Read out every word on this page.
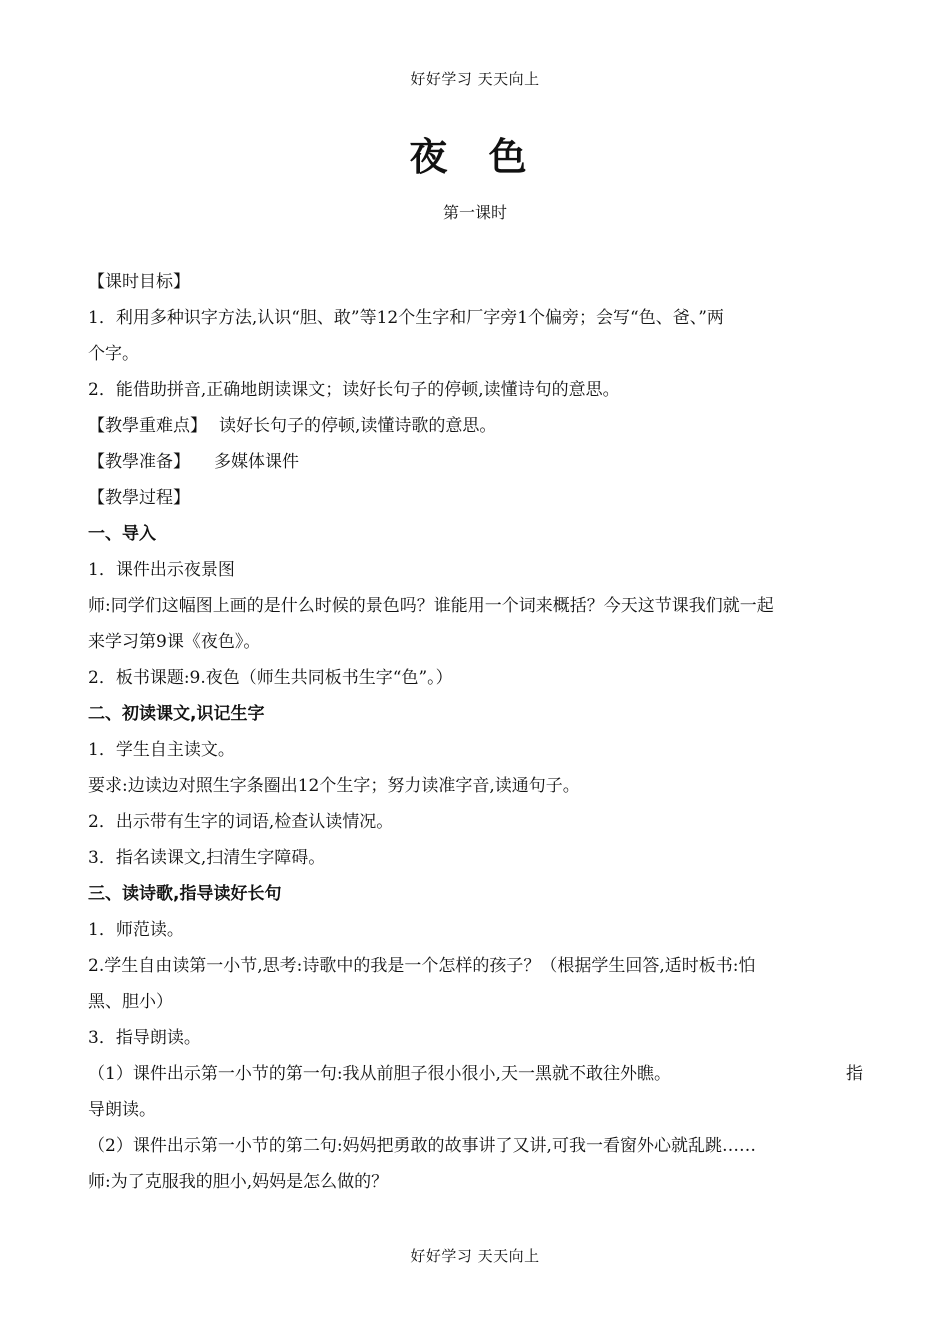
好好学习 天天向上
夜 色
第一课时
【课时目标】
1．利用多种识字方法,认识“胆、敢”等12个生字和厂字旁1个偏旁；会写“色、爸、”两
个字。
2．能借助拼音,正确地朗读课文；读好长句子的停顿,读懂诗句的意思。
【教學重难点】 读好长句子的停顿,读懂诗歌的意思。
【教學准备】 多媒体课件
【教學过程】
一、导入
1．课件出示夜景图
师:同学们这幅图上画的是什么时候的景色吗？谁能用一个词来概括？今天这节课我们就一起
来学习第9课《夜色》。
2．板书课题:9.夜色（师生共同板书生字“色”。）
二、初读课文,识记生字
1．学生自主读文。
要求:边读边对照生字条圈出12个生字；努力读准字音,读通句子。
2．出示带有生字的词语,检查认读情况。
3．指名读课文,扫清生字障碍。
三、读诗歌,指导读好长句
1．师范读。
2.学生自由读第一小节,思考:诗歌中的我是一个怎样的孩子？（根据学生回答,适时板书:怕
黑、胆小）
3．指导朗读。
（1）课件出示第一小节的第一句:我从前胆子很小很小,天一黑就不敢往外瞧。	指
导朗读。
（2）课件出示第一小节的第二句:妈妈把勇敢的故事讲了又讲,可我一看窗外心就乱跳……
师:为了克服我的胆小,妈妈是怎么做的？
好好学习 天天向上
